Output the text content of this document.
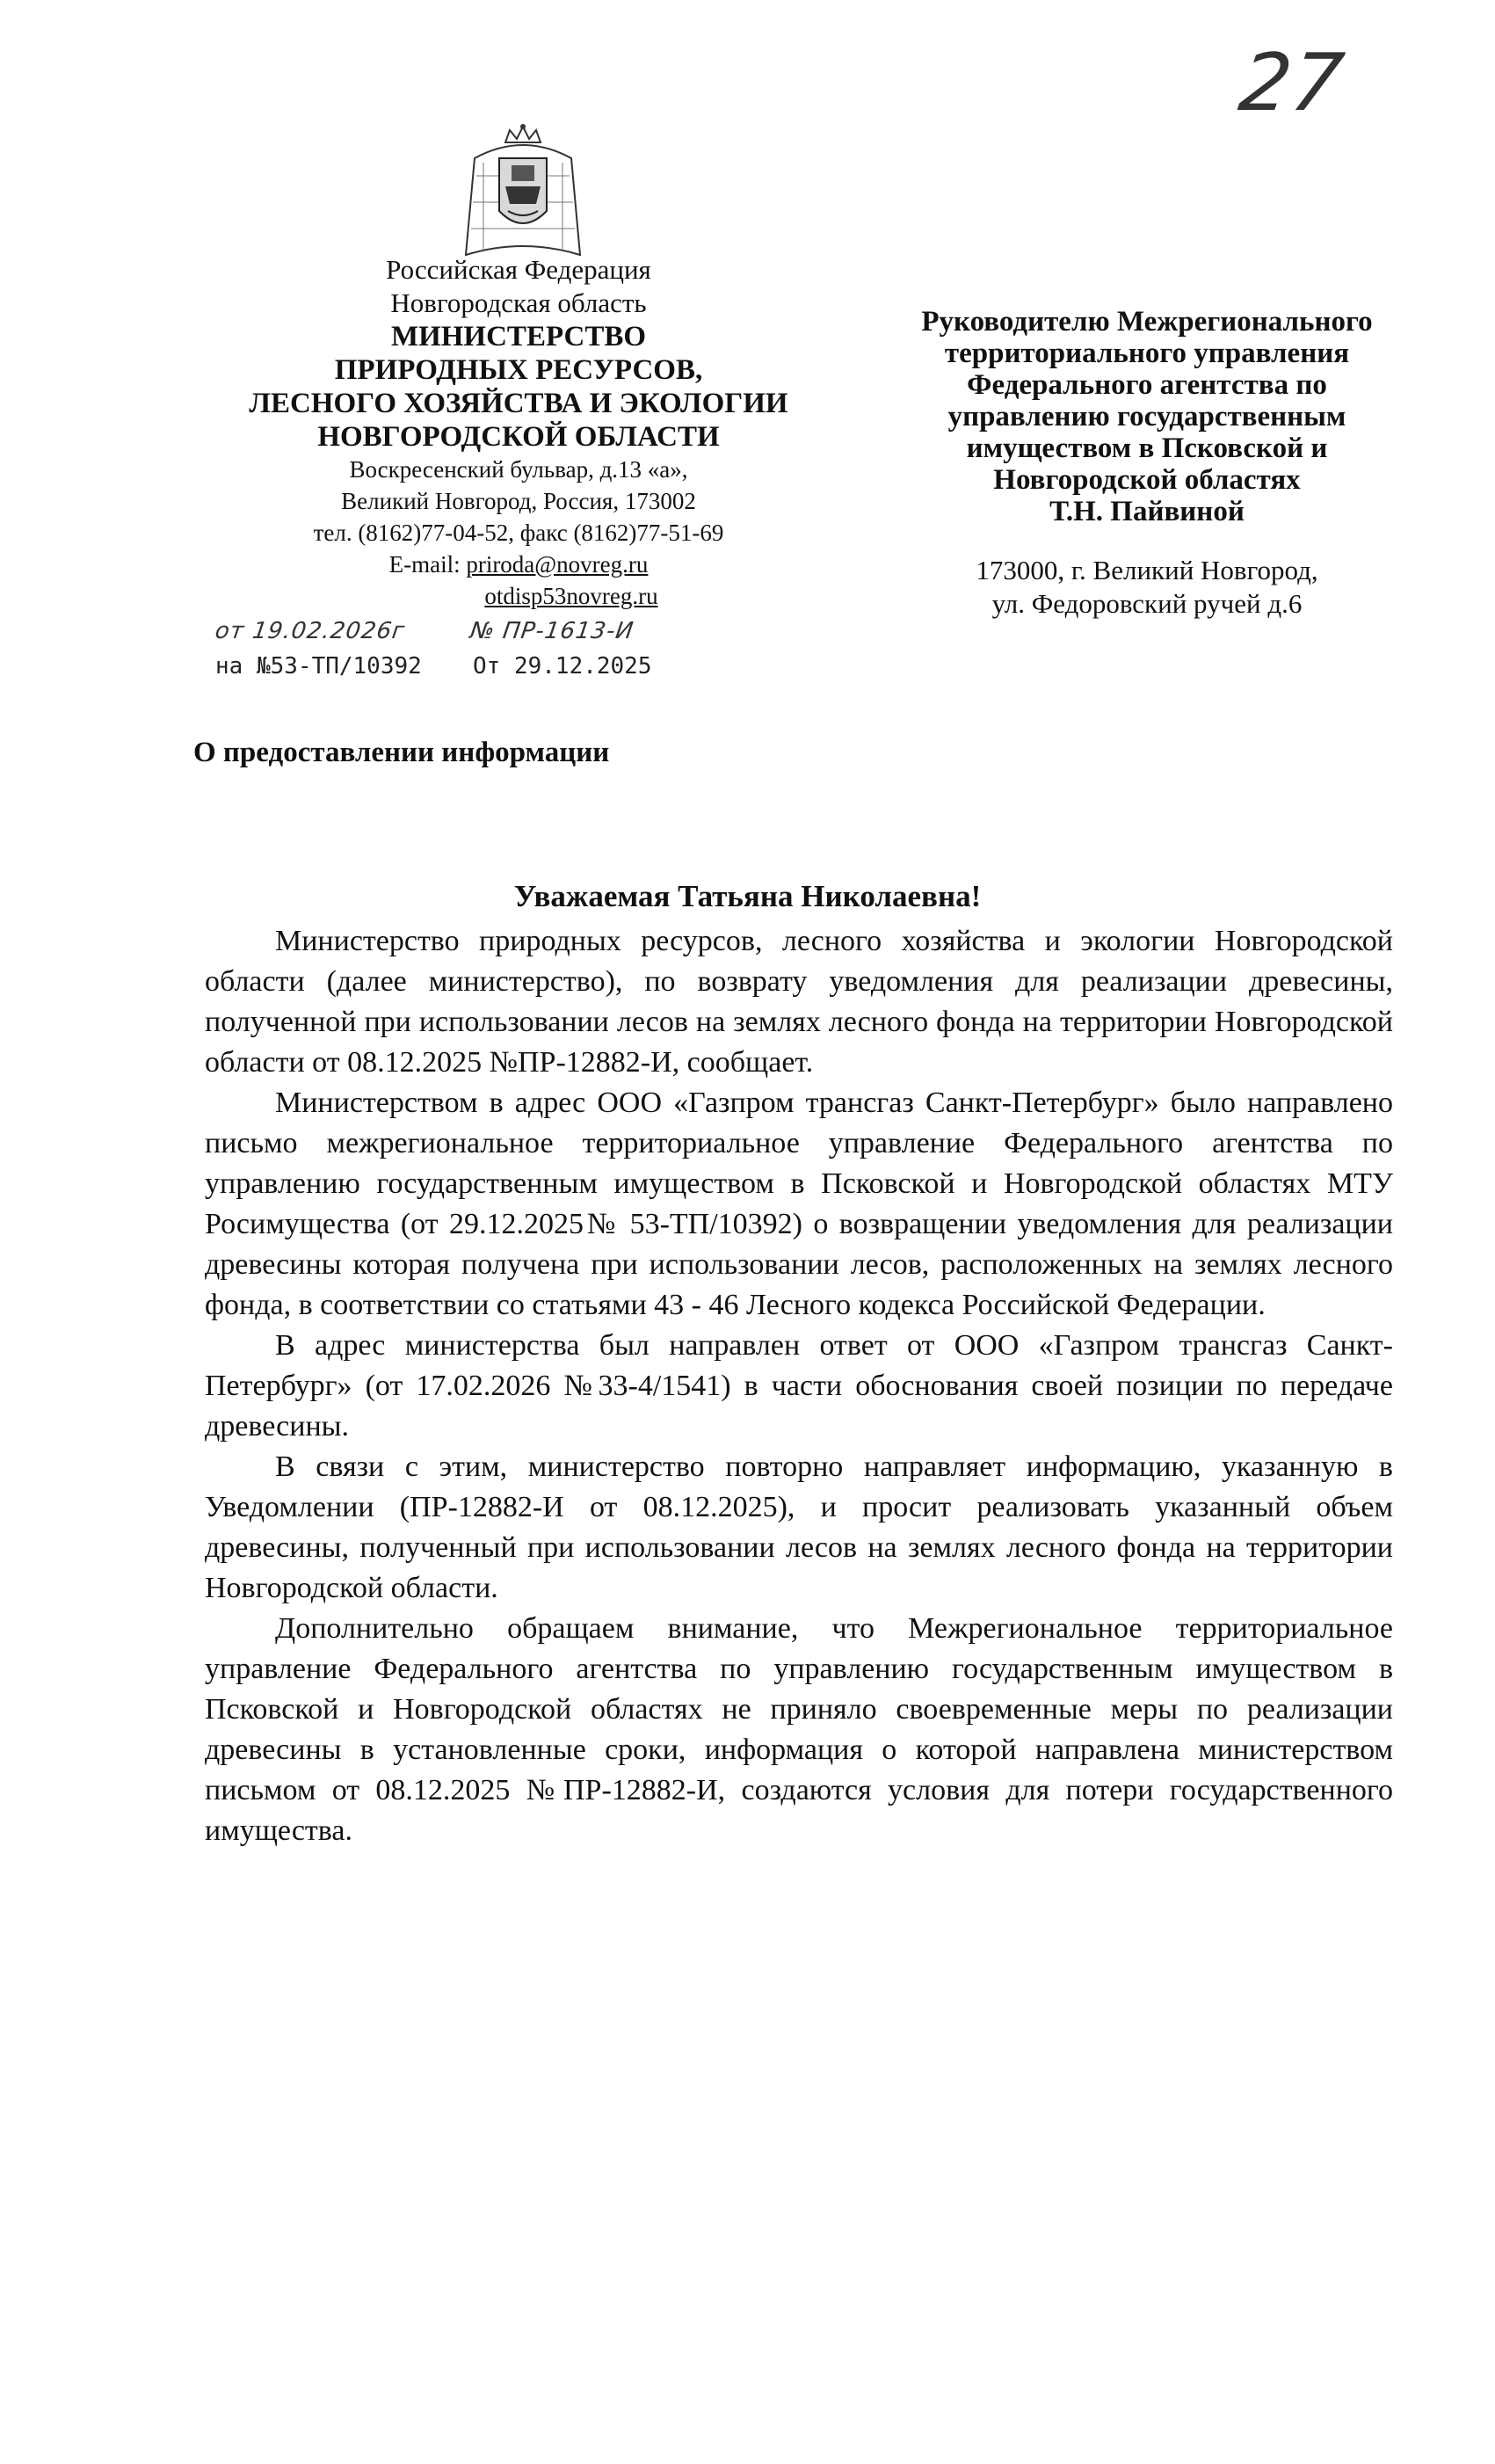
Российская Федерация
Новгородская область
МИНИСТЕРСТВО
ПРИРОДНЫХ РЕСУРСОВ,
ЛЕСНОГО ХОЗЯЙСТВА И ЭКОЛОГИИ
НОВГОРОДСКОЙ ОБЛАСТИ
Воскресенский бульвар, д.13 «а»,
Великий Новгород, Россия, 173002
тел. (8162)77-04-52, факс (8162)77-51-69
E-mail: priroda@novreg.ru
otdisp53novreg.ru
от 19.02.2026г	№ ПР-1613-И
на №53-ТП/10392 От 29.12.2025
27
Руководителю Межрегионального
территориального управления
Федерального агентства по
управлению государственным
имуществом в Псковской и
Новгородской областях
Т.Н. Пайвиной
173000, г. Великий Новгород,
ул. Федоровский ручей д.6
О предоставлении информации
Уважаемая Татьяна Николаевна!

Министерство природных ресурсов, лесного хозяйства и экологии Новгородской области (далее министерство), по возврату уведомления для реализации древесины, полученной при использовании лесов на землях лесного фонда на территории Новгородской области от 08.12.2025 №ПР-12882-И, сообщает.

Министерством в адрес ООО «Газпром трансгаз Санкт-Петербург» было направлено письмо межрегиональное территориальное управление Федерального агентства по управлению государственным имуществом в Псковской и Новгородской областях МТУ Росимущества (от 29.12.2025№ 53-ТП/10392) о возвращении уведомления для реализации древесины которая получена при использовании лесов, расположенных на землях лесного фонда, в соответствии со статьями 43 - 46 Лесного кодекса Российской Федерации.

В адрес министерства был направлен ответ от ООО «Газпром трансгаз Санкт-Петербург» (от 17.02.2026 №33-4/1541) в части обоснования своей позиции по передаче древесины.

В связи с этим, министерство повторно направляет информацию, указанную в Уведомлении (ПР-12882-И от 08.12.2025), и просит реализовать указанный объем древесины, полученный при использовании лесов на землях лесного фонда на территории Новгородской области.

Дополнительно обращаем внимание, что Межрегиональное территориальное управление Федерального агентства по управлению государственным имуществом в Псковской и Новгородской областях не приняло своевременные меры по реализации древесины в установленные сроки, информация о которой направлена министерством письмом от 08.12.2025 №ПР-12882-И, создаются условия для потери государственного имущества.
